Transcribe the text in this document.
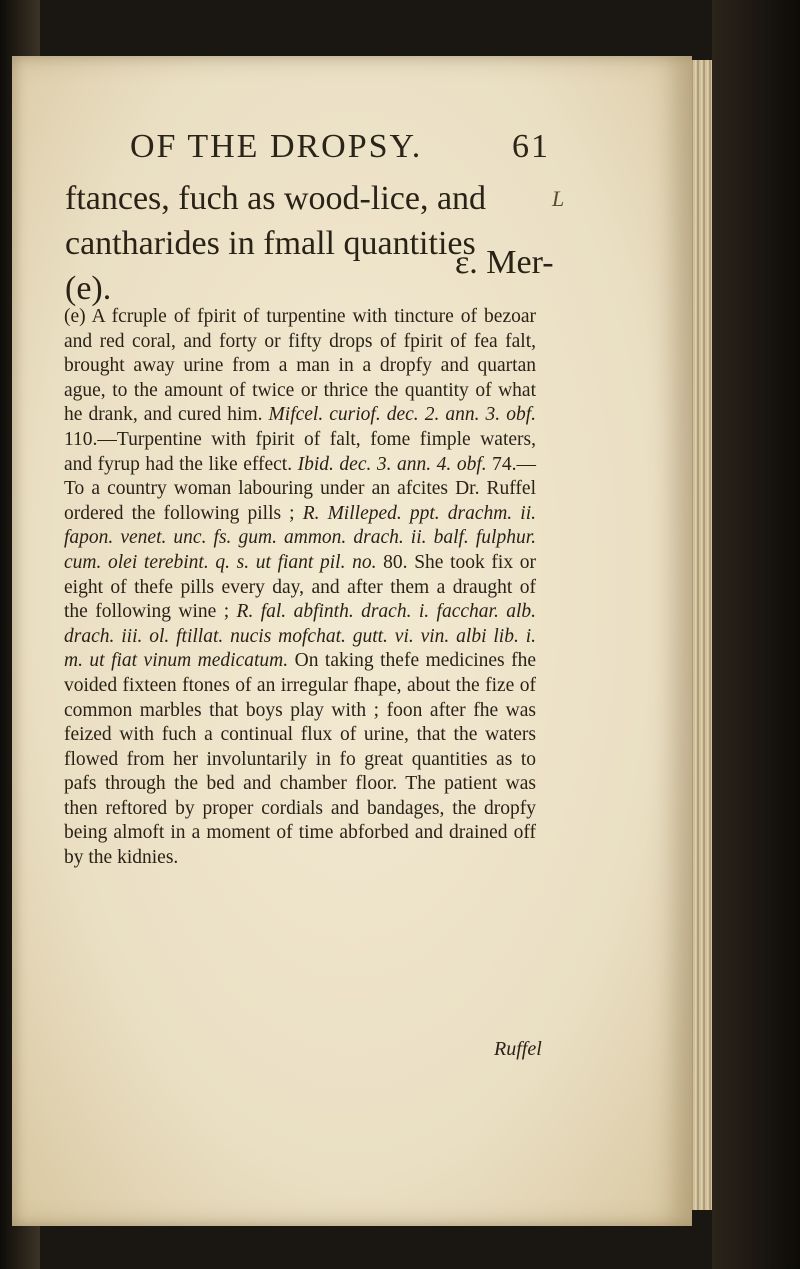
OF THE DROPSY.	61
ftances, fuch as wood-lice, and cantharides in fmall quantities (e).
ε. Mer-
L
(e) A fcruple of fpirit of turpentine with tincture of bezoar and red coral, and forty or fifty drops of fpirit of fea falt, brought away urine from a man in a dropfy and quartan ague, to the amount of twice or thrice the quantity of what he drank, and cured him. Mifcel. curiof. dec. 2. ann. 3. obf. 110.—Turpentine with fpirit of falt, fome fimple waters, and fyrup had the like effect. Ibid. dec. 3. ann. 4. obf. 74.—To a country woman labouring under an afcites Dr. Ruffel ordered the following pills ; R. Milleped. ppt. drachm. ii. fapon. venet. unc. fs. gum. ammon. drach. ii. balf. fulphur. cum. olei terebint. q. s. ut fiant pil. no. 80. She took fix or eight of thefe pills every day, and after them a draught of the following wine ; R. fal. abfinth. drach. i. facchar. alb. drach. iii. ol. ftillat. nucis mofchat. gutt. vi. vin. albi lib. i. m. ut fiat vinum medicatum. On taking thefe medicines fhe voided fixteen ftones of an irregular fhape, about the fize of common marbles that boys play with ; foon after fhe was feized with fuch a continual flux of urine, that the waters flowed from her involuntarily in fo great quantities as to pafs through the bed and chamber floor. The patient was then reftored by proper cordials and bandages, the dropfy being almoft in a moment of time abforbed and drained off by the kidnies.
Ruffel
